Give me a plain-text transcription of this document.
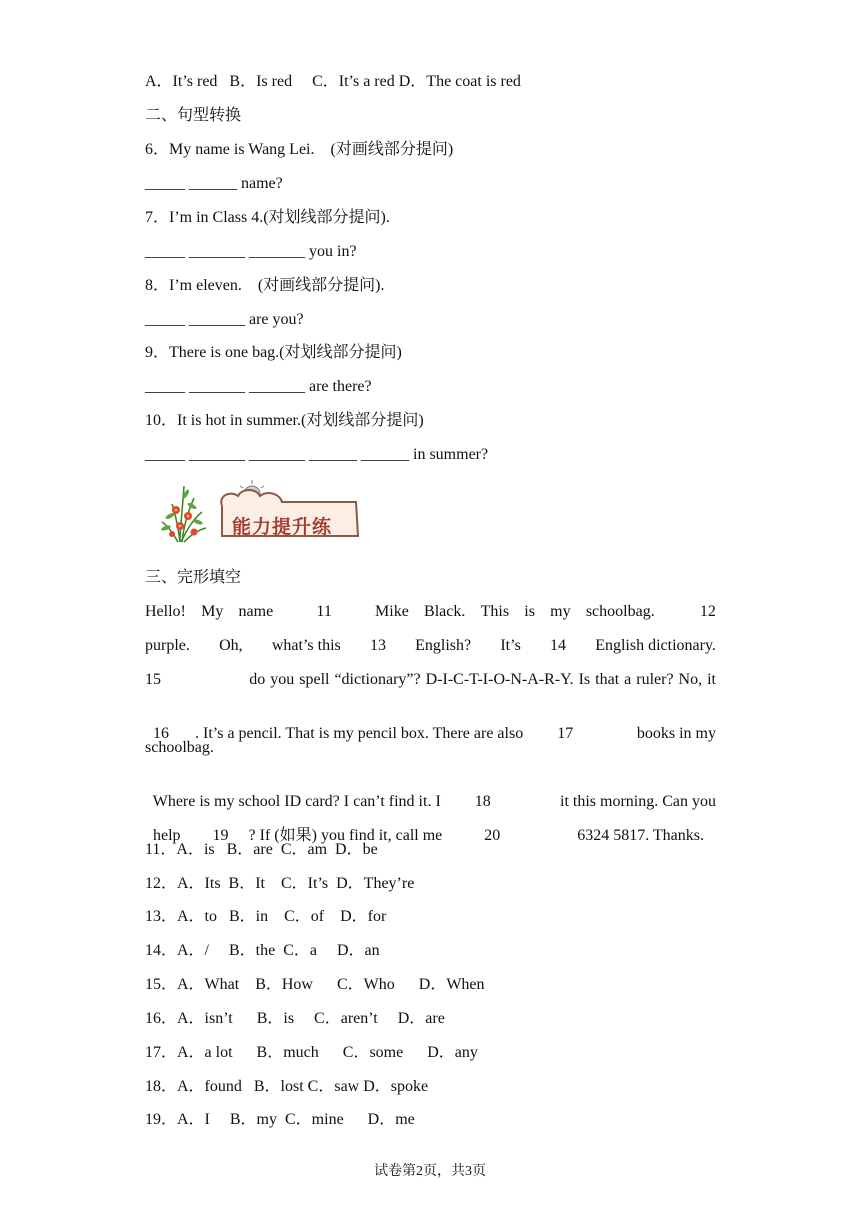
A．It’s red   B．Is red     C．It’s a red D．The coat is red
二、句型转换
6．My name is Wang Lei.    (对画线部分提问)
_____ ______ name?
7．I’m in Class 4.(对划线部分提问).
_____ _______ _______ you in?
8．I’m eleven.    (对画线部分提问).
_____ _______ are you?
9．There is one bag.(对划线部分提问)
_____ _______ _______ are there?
10．It is hot in summer.(对划线部分提问)
_____ _______ _______ ______ ______ in summer?
能力提升练
三、完形填空
Hello! My name	11	Mike Black. This is my schoolbag.	12
purple. Oh, what’s this 13 English? It’s 14 English dictionary.
15	do you spell “dictionary”? D-I-C-T-I-O-N-A-R-Y. Is that a ruler? No, it

16 . It’s a pencil. That is my pencil box. There are also 17	books in my

schoolbag.

Where is my school ID card? I can’t find it. I 18	it this morning. Can you

help 19 ? If (如果) you find it, call me	20	6324 5817. Thanks.

11．A．is   B．are  C．am  D．be
12．A．Its  B．It    C．It’s  D．They’re
13．A．to   B．in    C．of    D．for
14．A．/     B．the  C．a     D．an
15．A．What    B．How      C．Who      D．When
16．A．isn’t      B．is     C．aren’t     D．are
17．A．a lot      B．much      C．some      D．any
18．A．found   B．lost C．saw D．spoke
19．A．I     B．my  C．mine      D．me
试卷第2页，共3页
